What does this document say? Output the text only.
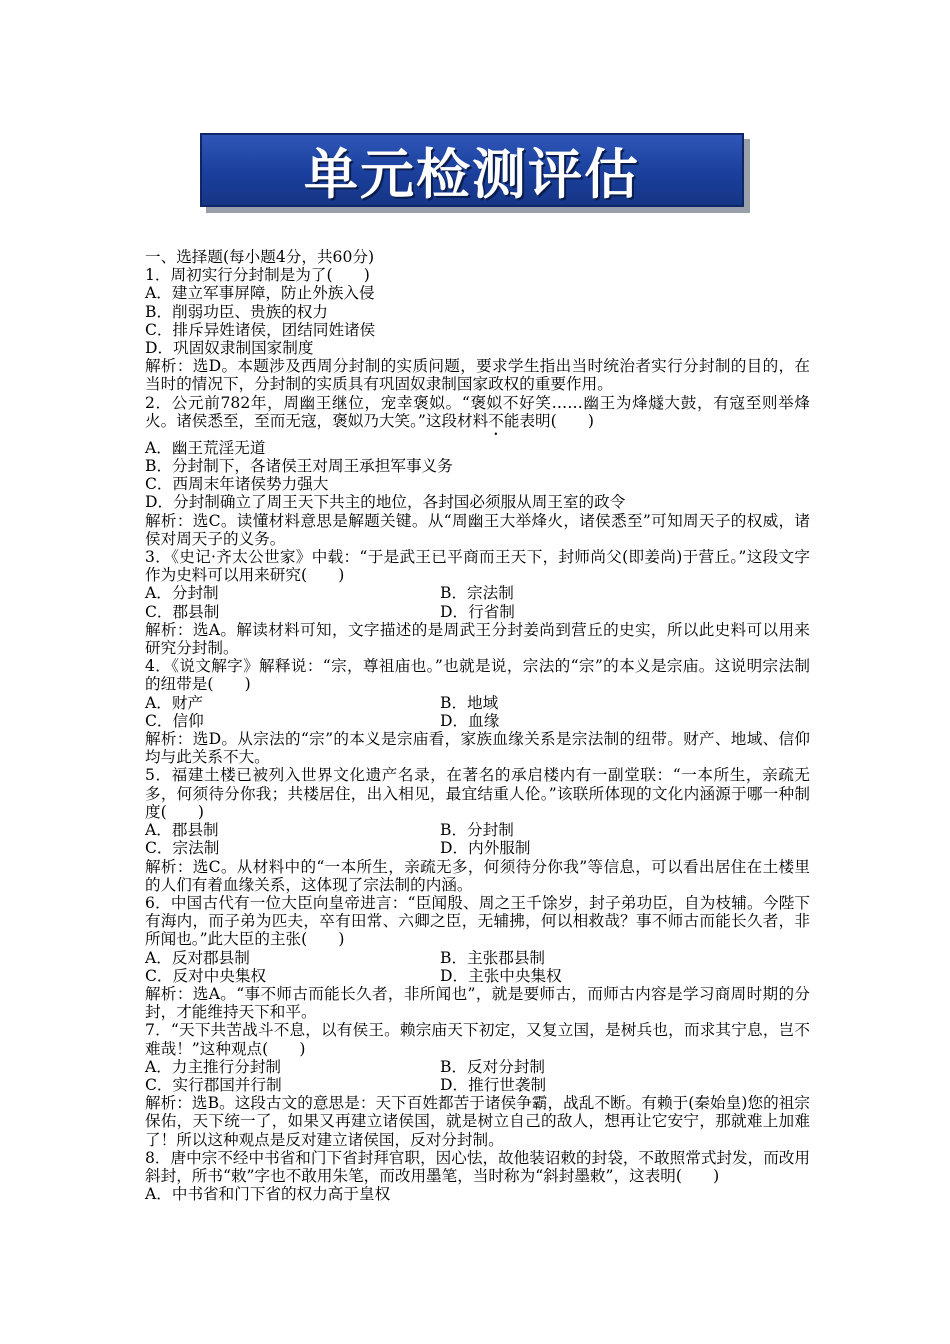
单元检测评估
一、选择题(每小题4分，共60分)
1．周初实行分封制是为了(　　)
A．建立军事屏障，防止外族入侵
B．削弱功臣、贵族的权力
C．排斥异姓诸侯，团结同姓诸侯
D．巩固奴隶制国家制度
解析：选D。本题涉及西周分封制的实质问题，要求学生指出当时统治者实行分封制的目的，在当时的情况下，分封制的实质具有巩固奴隶制国家政权的重要作用。
2．公元前782年，周幽王继位，宠幸褒姒。“褒姒不好笑……幽王为烽燧大鼓，有寇至则举烽火。诸侯悉至，至而无寇，褒姒乃大笑。”这段材料不能表明(　　)
A．幽王荒淫无道
B．分封制下，各诸侯王对周王承担军事义务
C．西周末年诸侯势力强大
D．分封制确立了周王天下共主的地位，各封国必须服从周王室的政令
解析：选C。读懂材料意思是解题关键。从“周幽王大举烽火，诸侯悉至”可知周天子的权威，诸侯对周天子的义务。
3．《史记·齐太公世家》中载：“于是武王已平商而王天下，封师尚父(即姜尚)于营丘。”这段文字作为史料可以用来研究(　　)
A．分封制	B．宗法制
C．郡县制	D．行省制
解析：选A。解读材料可知，文字描述的是周武王分封姜尚到营丘的史实，所以此史料可以用来研究分封制。
4．《说文解字》解释说：“宗，尊祖庙也。”也就是说，宗法的“宗”的本义是宗庙。这说明宗法制的纽带是(　　)
A．财产	B．地域
C．信仰	D．血缘
解析：选D。从宗法的“宗”的本义是宗庙看，家族血缘关系是宗法制的纽带。财产、地域、信仰均与此关系不大。
5．福建土楼已被列入世界文化遗产名录，在著名的承启楼内有一副堂联：“一本所生，亲疏无多，何须待分你我；共楼居住，出入相见，最宜结重人伦。”该联所体现的文化内涵源于哪一种制度(　　)
A．郡县制	B．分封制
C．宗法制	D．内外服制
解析：选C。从材料中的“一本所生，亲疏无多，何须待分你我”等信息，可以看出居住在土楼里的人们有着血缘关系，这体现了宗法制的内涵。
6．中国古代有一位大臣向皇帝进言：“臣闻殷、周之王千馀岁，封子弟功臣，自为枝辅。今陛下有海内，而子弟为匹夫，卒有田常、六卿之臣，无辅拂，何以相救哉？事不师古而能长久者，非所闻也。”此大臣的主张(　　)
A．反对郡县制	B．主张郡县制
C．反对中央集权	D．主张中央集权
解析：选A。“事不师古而能长久者，非所闻也”，就是要师古，而师古内容是学习商周时期的分封，才能维持天下和平。
7．“天下共苦战斗不息，以有侯王。赖宗庙天下初定，又复立国，是树兵也，而求其宁息，岂不难哉！”这种观点(　　)
A．力主推行分封制	B．反对分封制
C．实行郡国并行制	D．推行世袭制
解析：选B。这段古文的意思是：天下百姓都苦于诸侯争霸，战乱不断。有赖于(秦始皇)您的祖宗保佑，天下统一了，如果又再建立诸侯国，就是树立自己的敌人，想再让它安宁，那就难上加难了！所以这种观点是反对建立诸侯国，反对分封制。
8．唐中宗不经中书省和门下省封拜官职，因心怯，故他装诏敕的封袋，不敢照常式封发，而改用斜封，所书“敕”字也不敢用朱笔，而改用墨笔，当时称为“斜封墨敕”，这表明(　　)
A．中书省和门下省的权力高于皇权
